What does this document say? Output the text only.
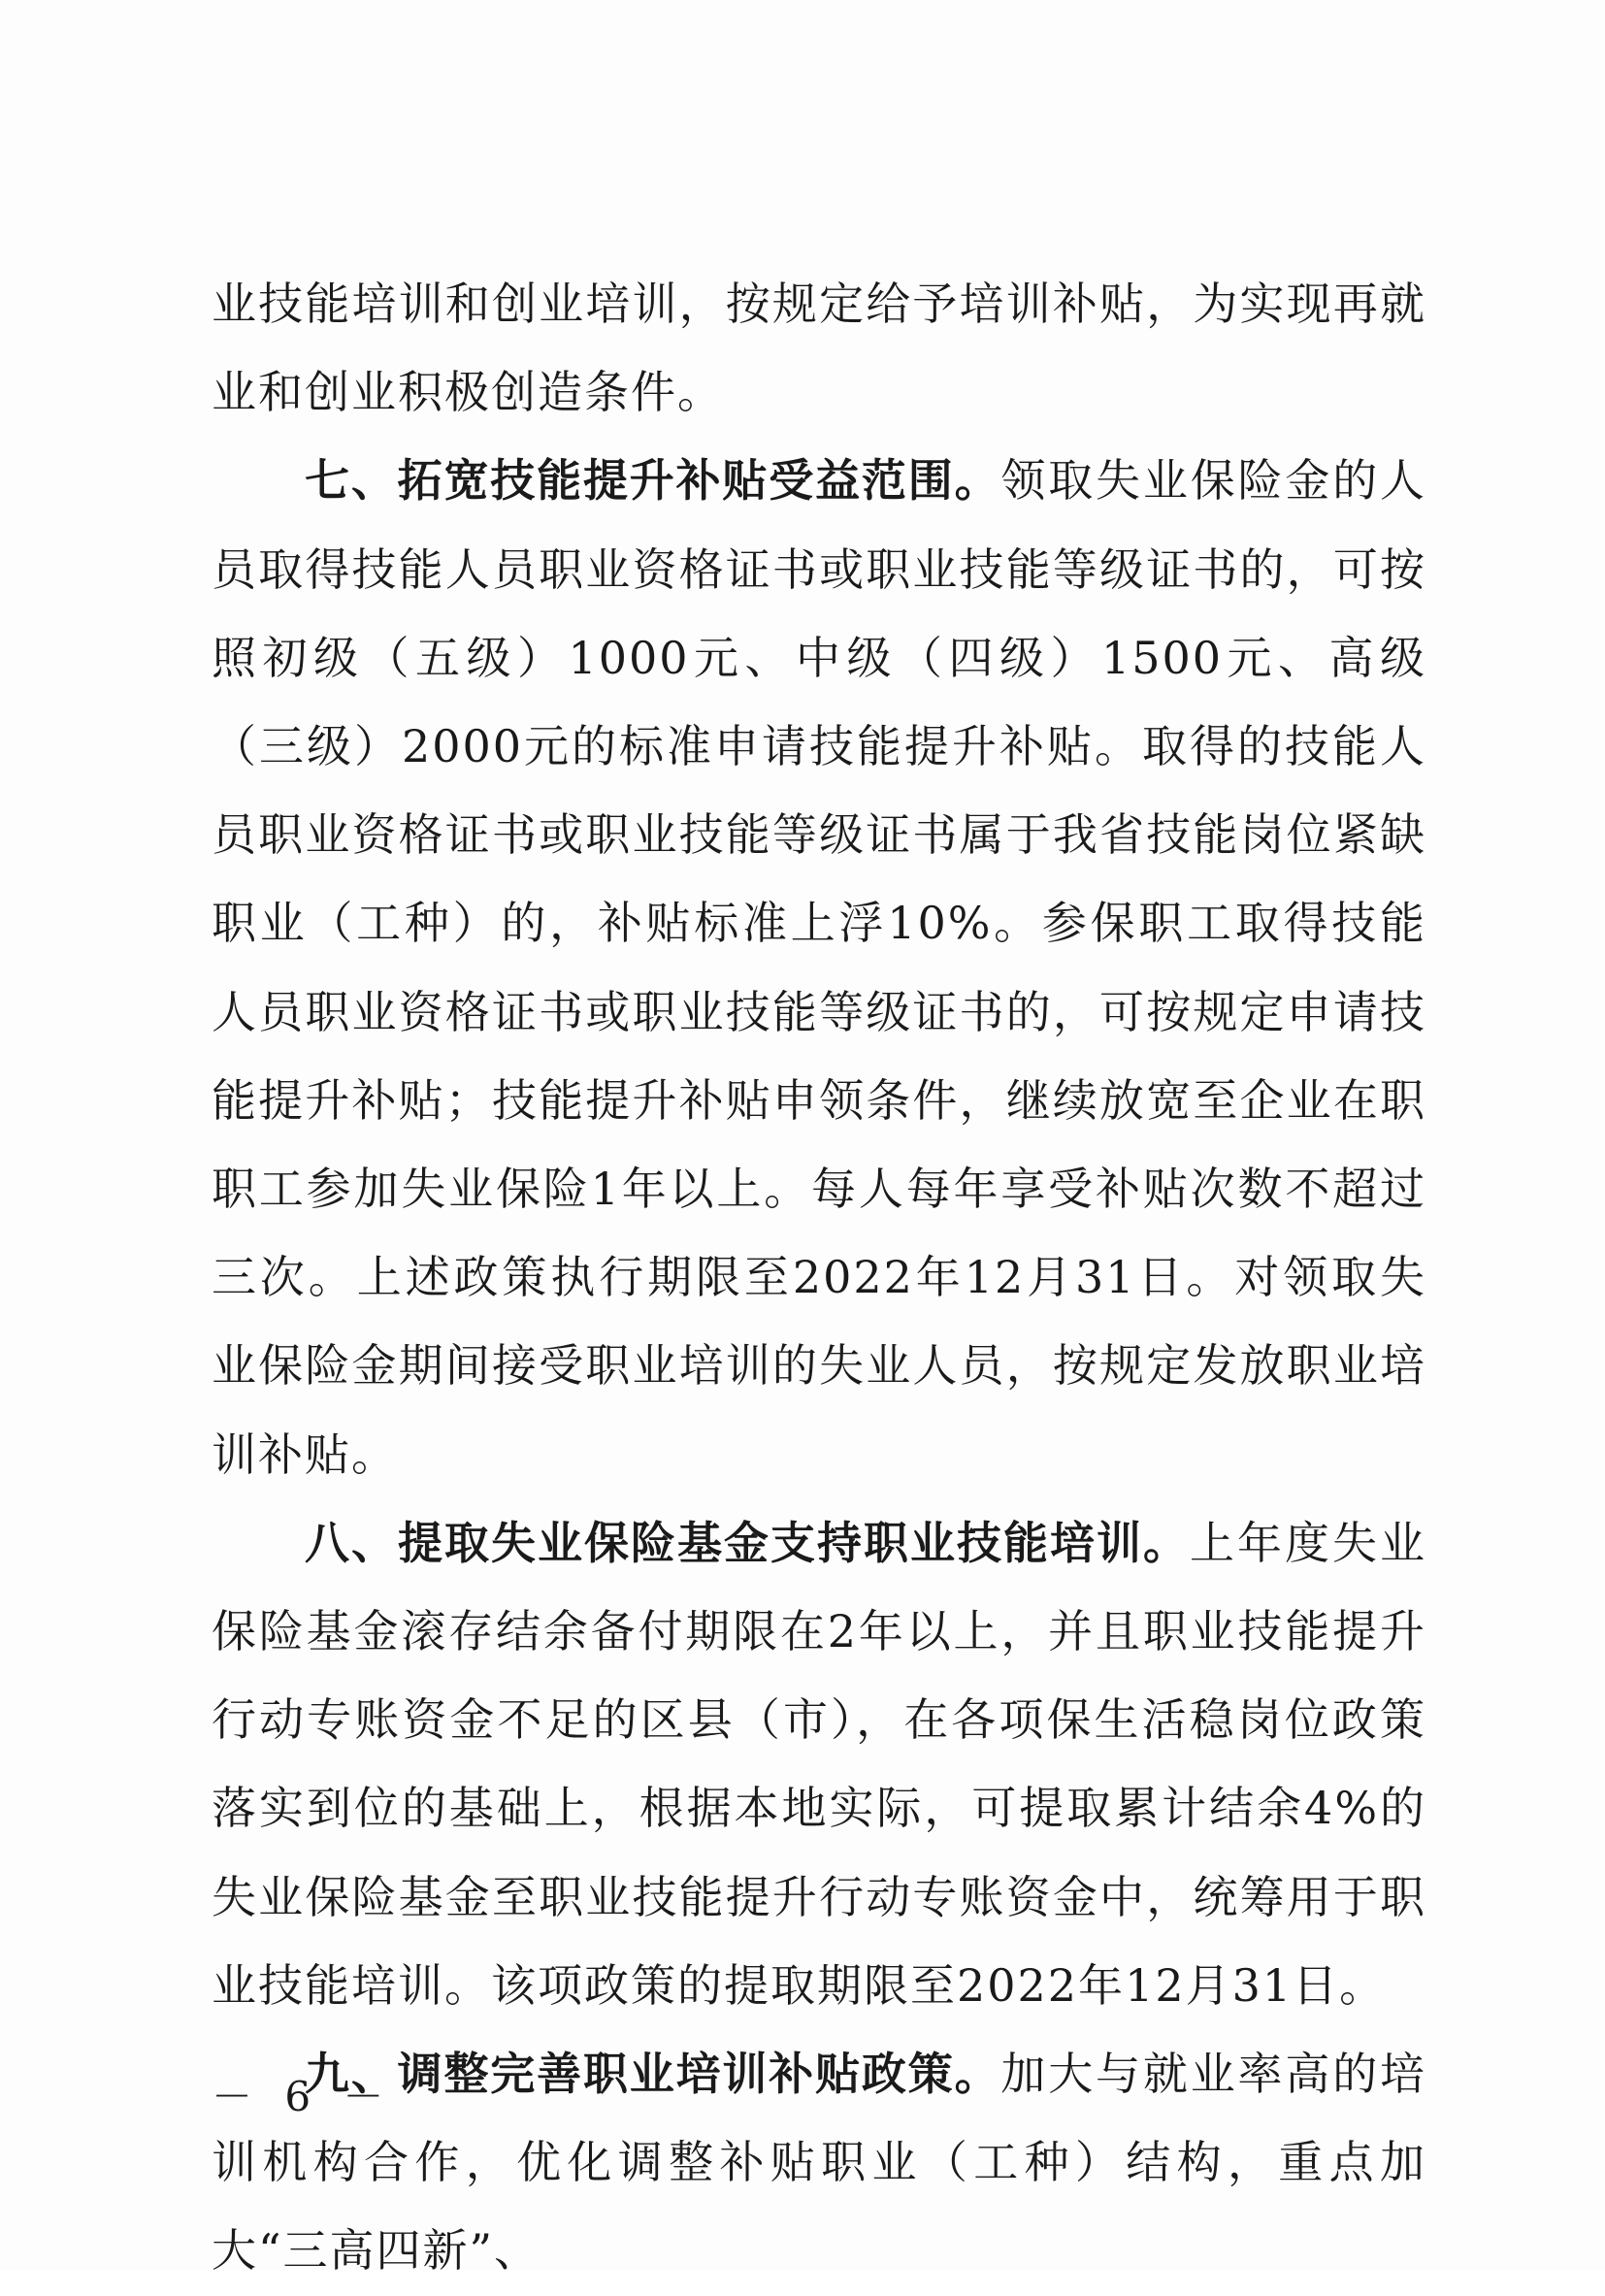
业技能培训和创业培训，按规定给予培训补贴，为实现再就业和创业积极创造条件。

七、拓宽技能提升补贴受益范围。领取失业保险金的人员取得技能人员职业资格证书或职业技能等级证书的，可按照初级（五级）1000元、中级（四级）1500元、高级（三级）2000元的标准申请技能提升补贴。取得的技能人员职业资格证书或职业技能等级证书属于我省技能岗位紧缺职业（工种）的，补贴标准上浮10%。参保职工取得技能人员职业资格证书或职业技能等级证书的，可按规定申请技能提升补贴；技能提升补贴申领条件，继续放宽至企业在职职工参加失业保险1年以上。每人每年享受补贴次数不超过三次。上述政策执行期限至2022年12月31日。对领取失业保险金期间接受职业培训的失业人员，按规定发放职业培训补贴。

八、提取失业保险基金支持职业技能培训。上年度失业保险基金滚存结余备付期限在2年以上，并且职业技能提升行动专账资金不足的区县（市），在各项保生活稳岗位政策落实到位的基础上，根据本地实际，可提取累计结余4%的失业保险基金至职业技能提升行动专账资金中，统筹用于职业技能培训。该项政策的提取期限至2022年12月31日。

九、调整完善职业培训补贴政策。加大与就业率高的培训机构合作，优化调整补贴职业（工种）结构，重点加大“三高四新”、

－ 6 －
